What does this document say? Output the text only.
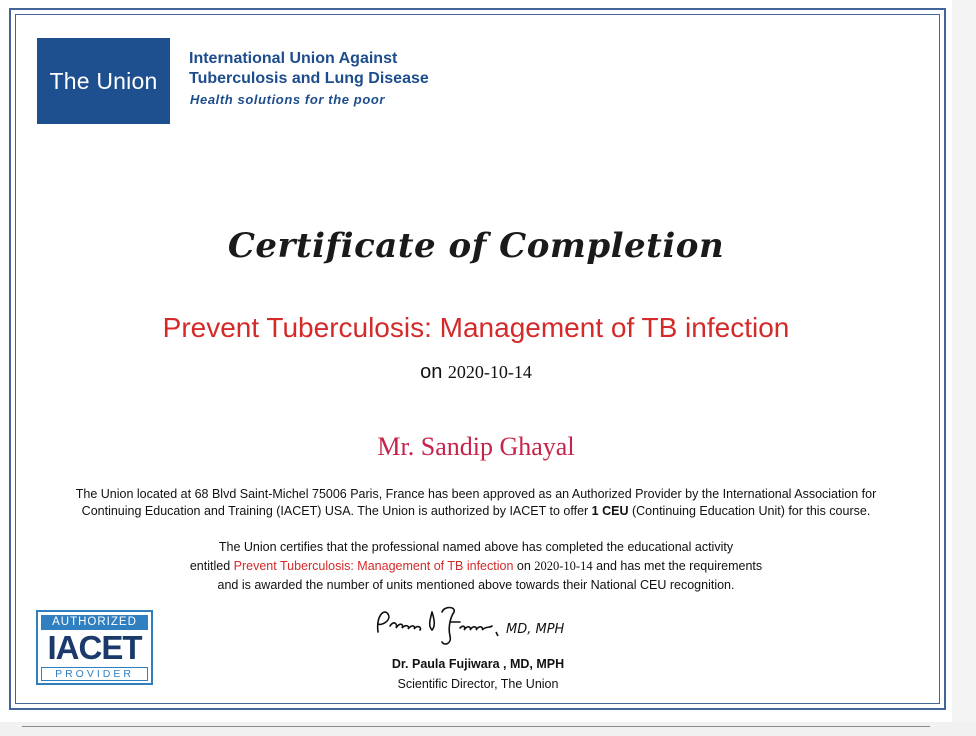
The Union
International Union Against
Tuberculosis and Lung Disease
Health solutions for the poor
Certificate of Completion
Prevent Tuberculosis: Management of TB infection
on 2020-10-14
Mr. Sandip Ghayal
The Union located at 68 Blvd Saint-Michel 75006 Paris, France has been approved as an Authorized Provider by the International Association for
Continuing Education and Training (IACET) USA. The Union is authorized by IACET to offer 1 CEU (Continuing Education Unit) for this course.
The Union certifies that the professional named above has completed the educational activity
entitled Prevent Tuberculosis: Management of TB infection on 2020-10-14 and has met the requirements
and is awarded the number of units mentioned above towards their National CEU recognition.
AUTHORIZED
IACET
PROVIDER
MD, MPH
Dr. Paula Fujiwara , MD, MPH
Scientific Director, The Union
